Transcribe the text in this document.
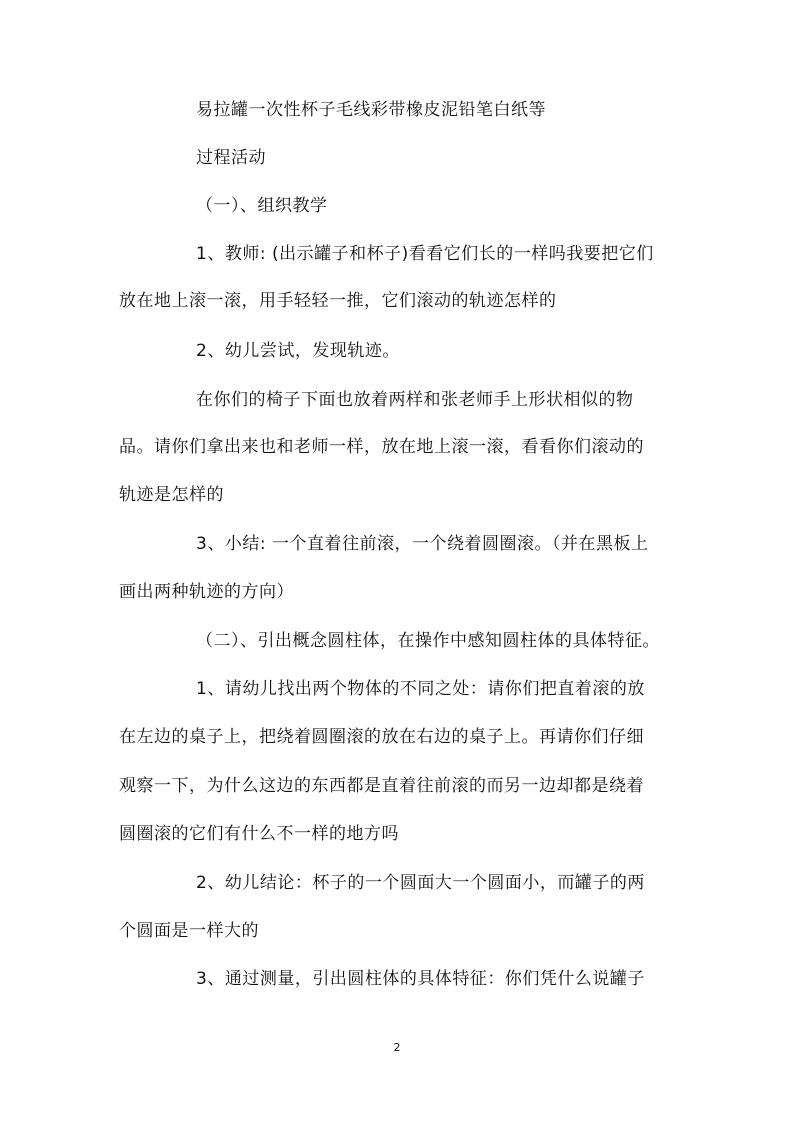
易拉罐一次性杯子毛线彩带橡皮泥铅笔白纸等
过程活动
（一）、组织教学
1、教师: (出示罐子和杯子)看看它们长的一样吗我要把它们
放在地上滚一滚，用手轻轻一推，它们滚动的轨迹怎样的
2、幼儿尝试，发现轨迹。
在你们的椅子下面也放着两样和张老师手上形状相似的物
品。请你们拿出来也和老师一样，放在地上滚一滚，看看你们滚动的
轨迹是怎样的
3、小结: 一个直着往前滚，一个绕着圆圈滚。（并在黑板上
画出两种轨迹的方向）
（二）、引出概念圆柱体，在操作中感知圆柱体的具体特征。
1、请幼儿找出两个物体的不同之处：请你们把直着滚的放
在左边的桌子上，把绕着圆圈滚的放在右边的桌子上。再请你们仔细
观察一下，为什么这边的东西都是直着往前滚的而另一边却都是绕着
圆圈滚的它们有什么不一样的地方吗
2、幼儿结论：杯子的一个圆面大一个圆面小，而罐子的两
个圆面是一样大的
3、通过测量，引出圆柱体的具体特征：你们凭什么说罐子
2
